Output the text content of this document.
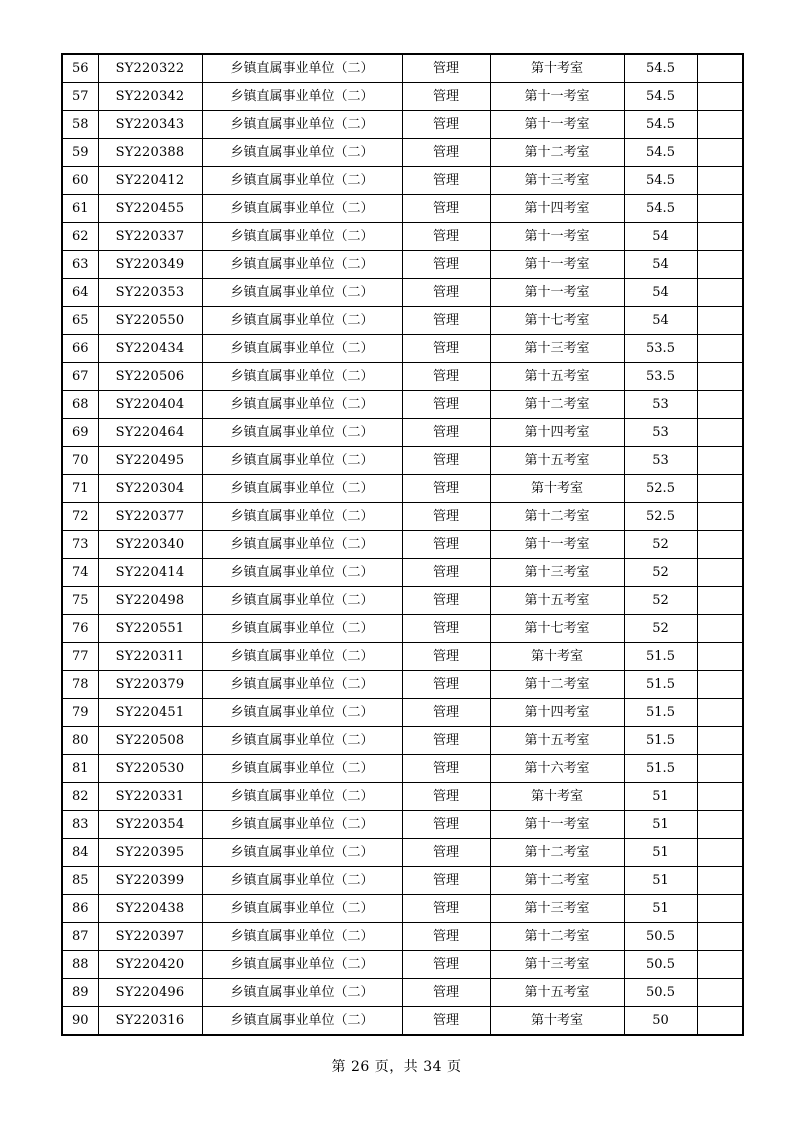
56	SY220322	乡镇直属事业单位（二）	管理	第十考室	54.5	
57	SY220342	乡镇直属事业单位（二）	管理	第十一考室	54.5	
58	SY220343	乡镇直属事业单位（二）	管理	第十一考室	54.5	
59	SY220388	乡镇直属事业单位（二）	管理	第十二考室	54.5	
60	SY220412	乡镇直属事业单位（二）	管理	第十三考室	54.5	
61	SY220455	乡镇直属事业单位（二）	管理	第十四考室	54.5	
62	SY220337	乡镇直属事业单位（二）	管理	第十一考室	54	
63	SY220349	乡镇直属事业单位（二）	管理	第十一考室	54	
64	SY220353	乡镇直属事业单位（二）	管理	第十一考室	54	
65	SY220550	乡镇直属事业单位（二）	管理	第十七考室	54	
66	SY220434	乡镇直属事业单位（二）	管理	第十三考室	53.5	
67	SY220506	乡镇直属事业单位（二）	管理	第十五考室	53.5	
68	SY220404	乡镇直属事业单位（二）	管理	第十二考室	53	
69	SY220464	乡镇直属事业单位（二）	管理	第十四考室	53	
70	SY220495	乡镇直属事业单位（二）	管理	第十五考室	53	
71	SY220304	乡镇直属事业单位（二）	管理	第十考室	52.5	
72	SY220377	乡镇直属事业单位（二）	管理	第十二考室	52.5	
73	SY220340	乡镇直属事业单位（二）	管理	第十一考室	52	
74	SY220414	乡镇直属事业单位（二）	管理	第十三考室	52	
75	SY220498	乡镇直属事业单位（二）	管理	第十五考室	52	
76	SY220551	乡镇直属事业单位（二）	管理	第十七考室	52	
77	SY220311	乡镇直属事业单位（二）	管理	第十考室	51.5	
78	SY220379	乡镇直属事业单位（二）	管理	第十二考室	51.5	
79	SY220451	乡镇直属事业单位（二）	管理	第十四考室	51.5	
80	SY220508	乡镇直属事业单位（二）	管理	第十五考室	51.5	
81	SY220530	乡镇直属事业单位（二）	管理	第十六考室	51.5	
82	SY220331	乡镇直属事业单位（二）	管理	第十考室	51	
83	SY220354	乡镇直属事业单位（二）	管理	第十一考室	51	
84	SY220395	乡镇直属事业单位（二）	管理	第十二考室	51	
85	SY220399	乡镇直属事业单位（二）	管理	第十二考室	51	
86	SY220438	乡镇直属事业单位（二）	管理	第十三考室	51	
87	SY220397	乡镇直属事业单位（二）	管理	第十二考室	50.5	
88	SY220420	乡镇直属事业单位（二）	管理	第十三考室	50.5	
89	SY220496	乡镇直属事业单位（二）	管理	第十五考室	50.5	
90	SY220316	乡镇直属事业单位（二）	管理	第十考室	50	
第 26 页，共 34 页
